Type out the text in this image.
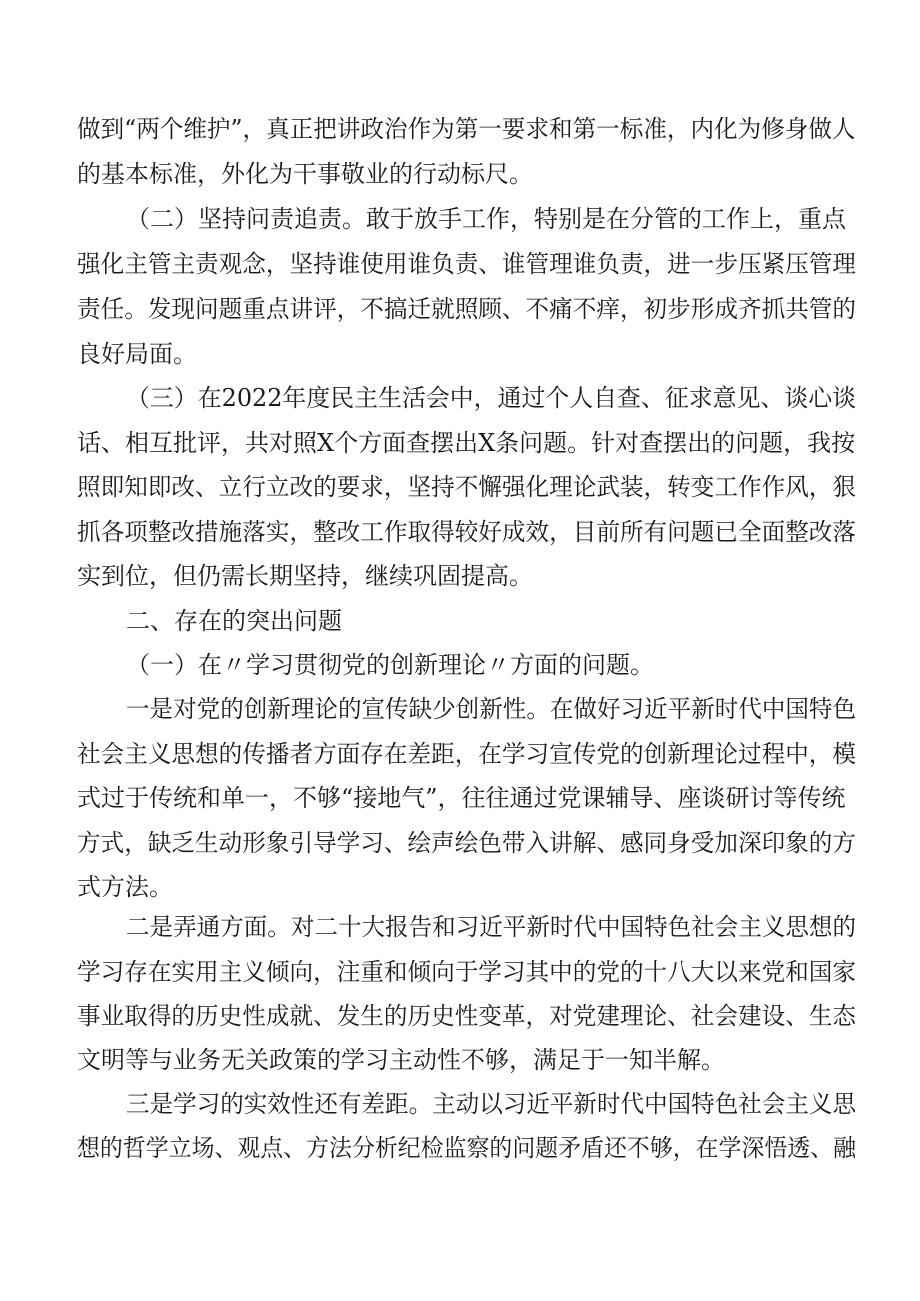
做到“两个维护”，真正把讲政治作为第一要求和第一标准，内化为修身做人
的基本标准，外化为干事敬业的行动标尺。
（二）坚持问责追责。敢于放手工作，特别是在分管的工作上，重点
强化主管主责观念，坚持谁使用谁负责、谁管理谁负责，进一步压紧压管理
责任。发现问题重点讲评，不搞迁就照顾、不痛不痒，初步形成齐抓共管的
良好局面。
（三）在2022年度民主生活会中，通过个人自查、征求意见、谈心谈
话、相互批评，共对照X个方面查摆出X条问题。针对查摆出的问题，我按
照即知即改、立行立改的要求，坚持不懈强化理论武装，转变工作作风，狠
抓各项整改措施落实，整改工作取得较好成效，目前所有问题已全面整改落
实到位，但仍需长期坚持，继续巩固提高。
二、存在的突出问题
（一）在〃学习贯彻党的创新理论〃方面的问题。
一是对党的创新理论的宣传缺少创新性。在做好习近平新时代中国特色
社会主义思想的传播者方面存在差距，在学习宣传党的创新理论过程中，模
式过于传统和单一，不够“接地气”，往往通过党课辅导、座谈研讨等传统
方式，缺乏生动形象引导学习、绘声绘色带入讲解、感同身受加深印象的方
式方法。
二是弄通方面。对二十大报告和习近平新时代中国特色社会主义思想的
学习存在实用主义倾向，注重和倾向于学习其中的党的十八大以来党和国家
事业取得的历史性成就、发生的历史性变革，对党建理论、社会建设、生态
文明等与业务无关政策的学习主动性不够，满足于一知半解。
三是学习的实效性还有差距。主动以习近平新时代中国特色社会主义思
想的哲学立场、观点、方法分析纪检监察的问题矛盾还不够，在学深悟透、融
